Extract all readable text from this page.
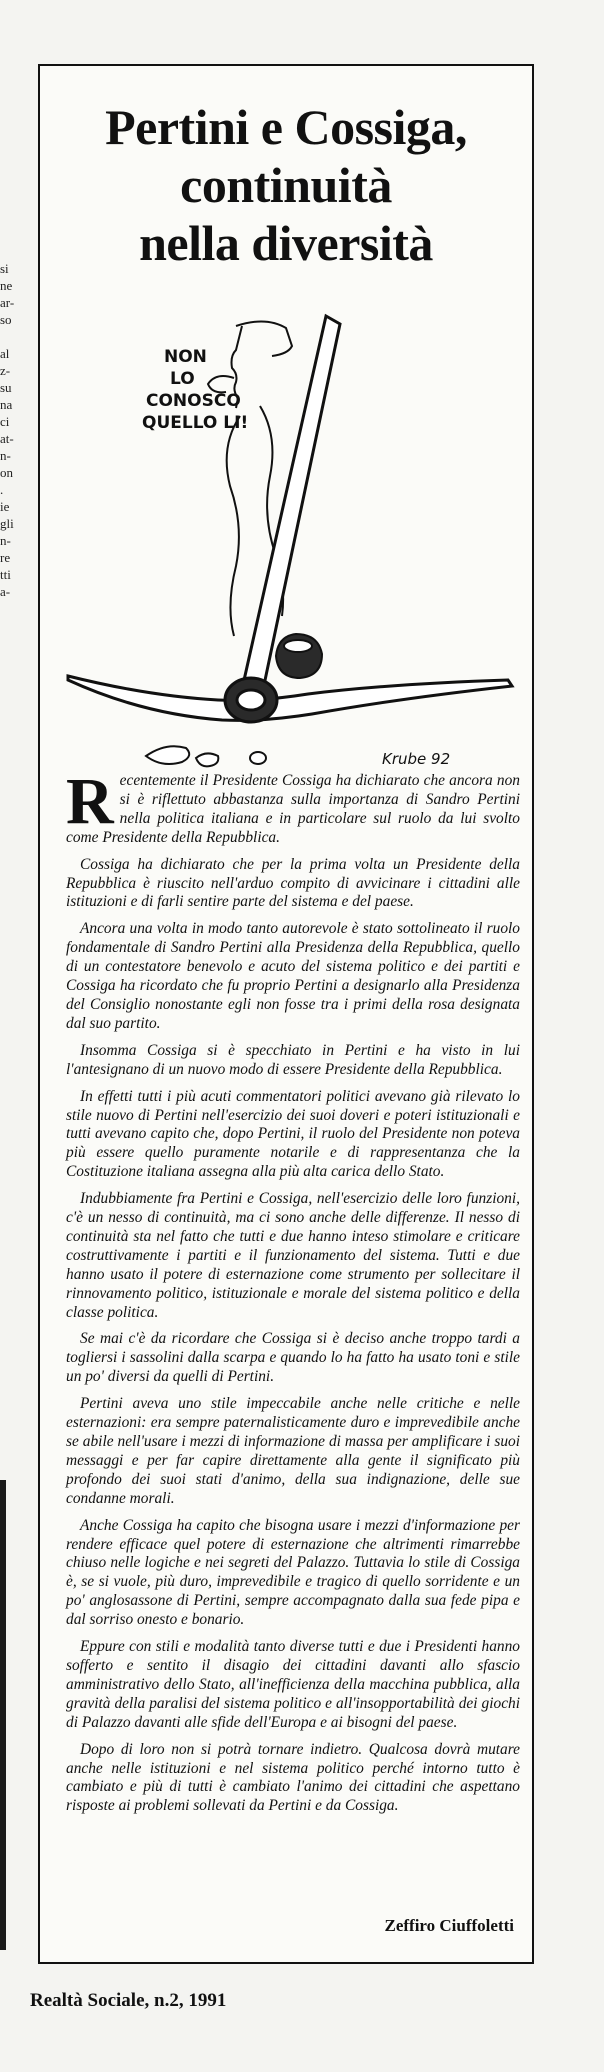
si
ne
ar-
so

al
z-
su
na
ci
at-
n-
on
.
ie
gli
n-
re
tti
a-
Pertini e Cossiga,
continuità
nella diversità
NON
LO
CONOSCO
QUELLO LI!
Krube 92

Recentemente il Presidente Cossiga ha dichiarato che ancora non si è riflettuto abbastanza sulla importanza di Sandro Pertini nella politica italiana e in particolare sul ruolo da lui svolto come Presidente della Repubblica.

Cossiga ha dichiarato che per la prima volta un Presidente della Repubblica è riuscito nell'arduo compito di avvicinare i cittadini alle istituzioni e di farli sentire parte del sistema e del paese.

Ancora una volta in modo tanto autorevole è stato sottolineato il ruolo fondamentale di Sandro Pertini alla Presidenza della Repubblica, quello di un contestatore benevolo e acuto del sistema politico e dei partiti e Cossiga ha ricordato che fu proprio Pertini a designarlo alla Presidenza del Consiglio nonostante egli non fosse tra i primi della rosa designata dal suo partito.

Insomma Cossiga si è specchiato in Pertini e ha visto in lui l'antesignano di un nuovo modo di essere Presidente della Repubblica.

In effetti tutti i più acuti commentatori politici avevano già rilevato lo stile nuovo di Pertini nell'esercizio dei suoi doveri e poteri istituzionali e tutti avevano capito che, dopo Pertini, il ruolo del Presidente non poteva più essere quello puramente notarile e di rappresentanza che la Costituzione italiana assegna alla più alta carica dello Stato.

Indubbiamente fra Pertini e Cossiga, nell'esercizio delle loro funzioni, c'è un nesso di continuità, ma ci sono anche delle differenze. Il nesso di continuità sta nel fatto che tutti e due hanno inteso stimolare e criticare costruttivamente i partiti e il funzionamento del sistema. Tutti e due hanno usato il potere di esternazione come strumento per sollecitare il rinnovamento politico, istituzionale e morale del sistema politico e della classe politica.

Se mai c'è da ricordare che Cossiga si è deciso anche troppo tardi a togliersi i sassolini dalla scarpa e quando lo ha fatto ha usato toni e stile un po' diversi da quelli di Pertini.

Pertini aveva uno stile impeccabile anche nelle critiche e nelle esternazioni: era sempre paternalisticamente duro e imprevedibile anche se abile nell'usare i mezzi di informazione di massa per amplificare i suoi messaggi e per far capire direttamente alla gente il significato più profondo dei suoi stati d'animo, della sua indignazione, delle sue condanne morali.

Anche Cossiga ha capito che bisogna usare i mezzi d'informazione per rendere efficace quel potere di esternazione che altrimenti rimarrebbe chiuso nelle logiche e nei segreti del Palazzo. Tuttavia lo stile di Cossiga è, se si vuole, più duro, imprevedibile e tragico di quello sorridente e un po' anglosassone di Pertini, sempre accompagnato dalla sua fede pipa e dal sorriso onesto e bonario.

Eppure con stili e modalità tanto diverse tutti e due i Presidenti hanno sofferto e sentito il disagio dei cittadini davanti allo sfascio amministrativo dello Stato, all'inefficienza della macchina pubblica, alla gravità della paralisi del sistema politico e all'insopportabilità dei giochi di Palazzo davanti alle sfide dell'Europa e ai bisogni del paese.

Dopo di loro non si potrà tornare indietro. Qualcosa dovrà mutare anche nelle istituzioni e nel sistema politico perché intorno tutto è cambiato e più di tutti è cambiato l'animo dei cittadini che aspettano risposte ai problemi sollevati da Pertini e da Cossiga.

Zeffiro Ciuffoletti
Realtà Sociale, n.2, 1991
